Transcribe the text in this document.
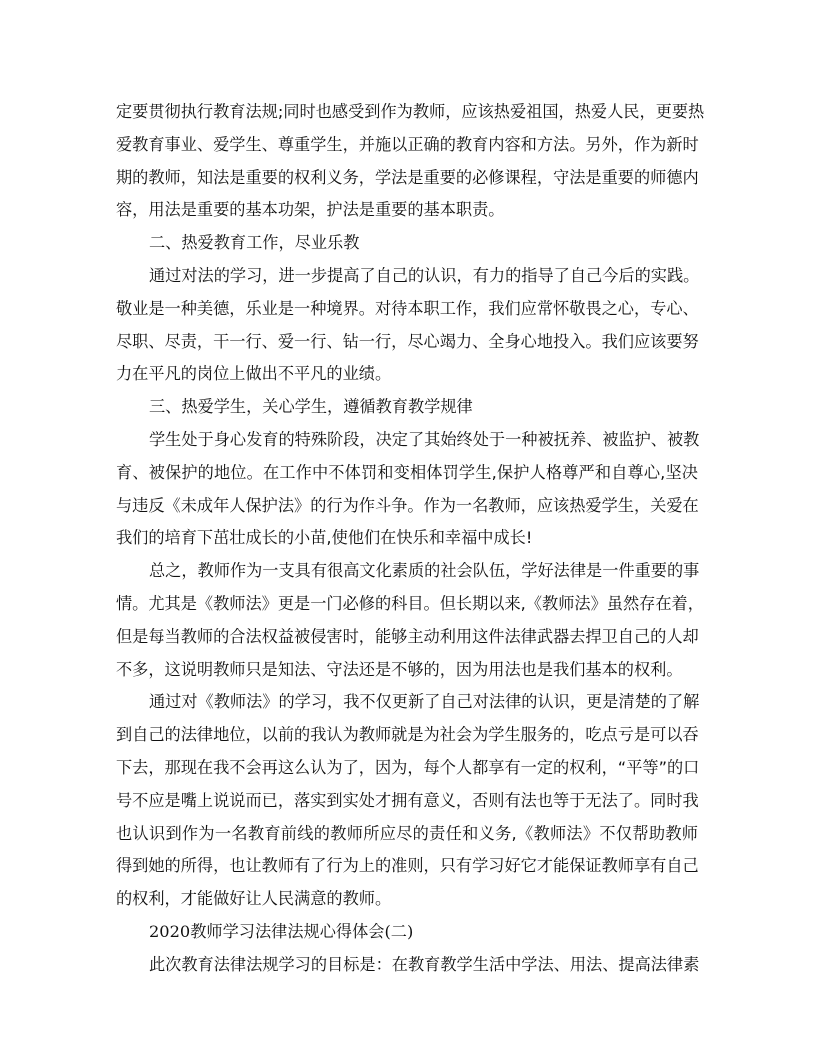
定要贯彻执行教育法规;同时也感受到作为教师，应该热爱祖国，热爱人民，更要热
爱教育事业、爱学生、尊重学生，并施以正确的教育内容和方法。另外，作为新时
期的教师，知法是重要的权利义务，学法是重要的必修课程，守法是重要的师德内
容，用法是重要的基本功架，护法是重要的基本职责。
二、热爱教育工作，尽业乐教
通过对法的学习，进一步提高了自己的认识，有力的指导了自己今后的实践。
敬业是一种美德，乐业是一种境界。对待本职工作，我们应常怀敬畏之心，专心、
尽职、尽责，干一行、爱一行、钻一行，尽心竭力、全身心地投入。我们应该要努
力在平凡的岗位上做出不平凡的业绩。
三、热爱学生，关心学生，遵循教育教学规律
学生处于身心发育的特殊阶段，决定了其始终处于一种被抚养、被监护、被教
育、被保护的地位。在工作中不体罚和变相体罚学生,保护人格尊严和自尊心,坚决
与违反《未成年人保护法》的行为作斗争。作为一名教师，应该热爱学生，关爱在
我们的培育下茁壮成长的小苗,使他们在快乐和幸福中成长!
总之，教师作为一支具有很高文化素质的社会队伍，学好法律是一件重要的事
情。尤其是《教师法》更是一门必修的科目。但长期以来,《教师法》虽然存在着，
但是每当教师的合法权益被侵害时，能够主动利用这件法律武器去捍卫自己的人却
不多，这说明教师只是知法、守法还是不够的，因为用法也是我们基本的权利。
通过对《教师法》的学习，我不仅更新了自己对法律的认识，更是清楚的了解
到自己的法律地位，以前的我认为教师就是为社会为学生服务的，吃点亏是可以吞
下去，那现在我不会再这么认为了，因为，每个人都享有一定的权利，“平等”的口
号不应是嘴上说说而已，落实到实处才拥有意义，否则有法也等于无法了。同时我
也认识到作为一名教育前线的教师所应尽的责任和义务,《教师法》不仅帮助教师
得到她的所得，也让教师有了行为上的准则，只有学习好它才能保证教师享有自己
的权利，才能做好让人民满意的教师。
2020教师学习法律法规心得体会(二)
此次教育法律法规学习的目标是：在教育教学生活中学法、用法、提高法律素
